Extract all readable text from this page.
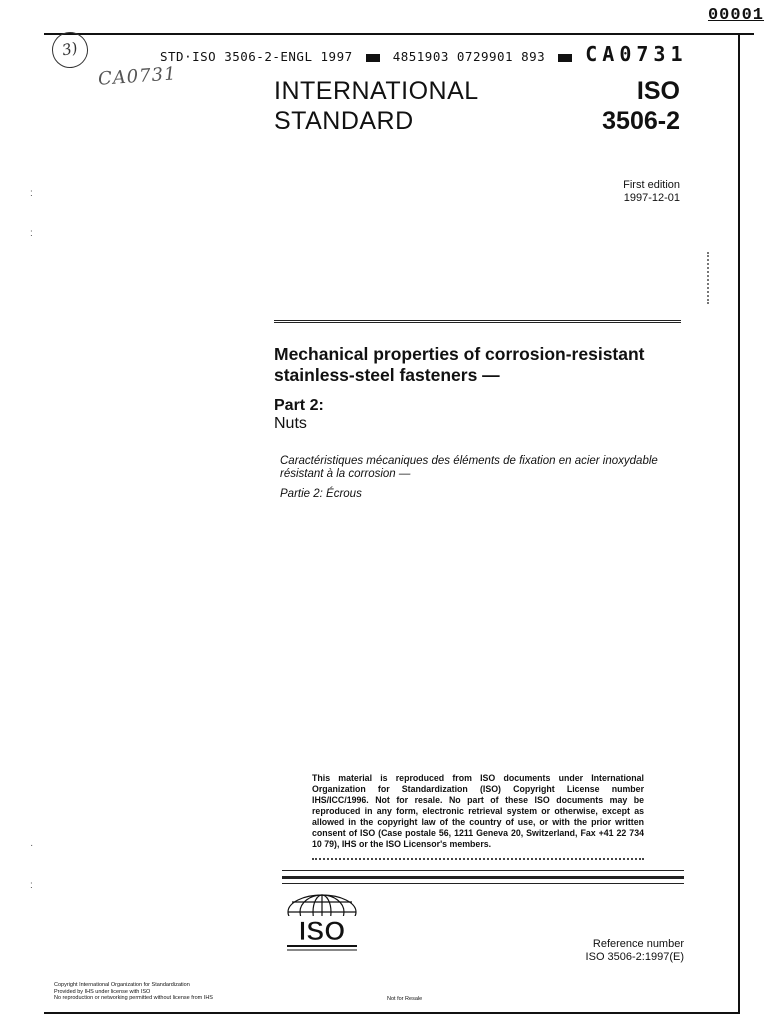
00001
3)
CA0731
STD·ISO 3506-2-ENGL 1997	4851903 0729901 893 CA0731
INTERNATIONAL
STANDARD
ISO
3506-2
First edition
1997-12-01
:
:
·
:
Mechanical properties of corrosion-resistant stainless-steel fasteners —
Part 2:
Nuts
Caractéristiques mécaniques des éléments de fixation en acier inoxydable résistant à la corrosion —
Partie 2: Écrous
This material is reproduced from ISO documents under International Organization for Standardization (ISO) Copyright License number IHS/ICC/1996. Not for resale. No part of these ISO documents may be reproduced in any form, electronic retrieval system or otherwise, except as allowed in the copyright law of the country of use, or with the prior written consent of ISO (Case postale 56, 1211 Geneva 20, Switzerland, Fax +41 22 734 10 79), IHS or the ISO Licensor's members.
ISO	Reference number
ISO 3506-2:1997(E)
Copyright International Organization for Standardization
Provided by IHS under license with ISO
No reproduction or networking permitted without license from IHS	Not for Resale
